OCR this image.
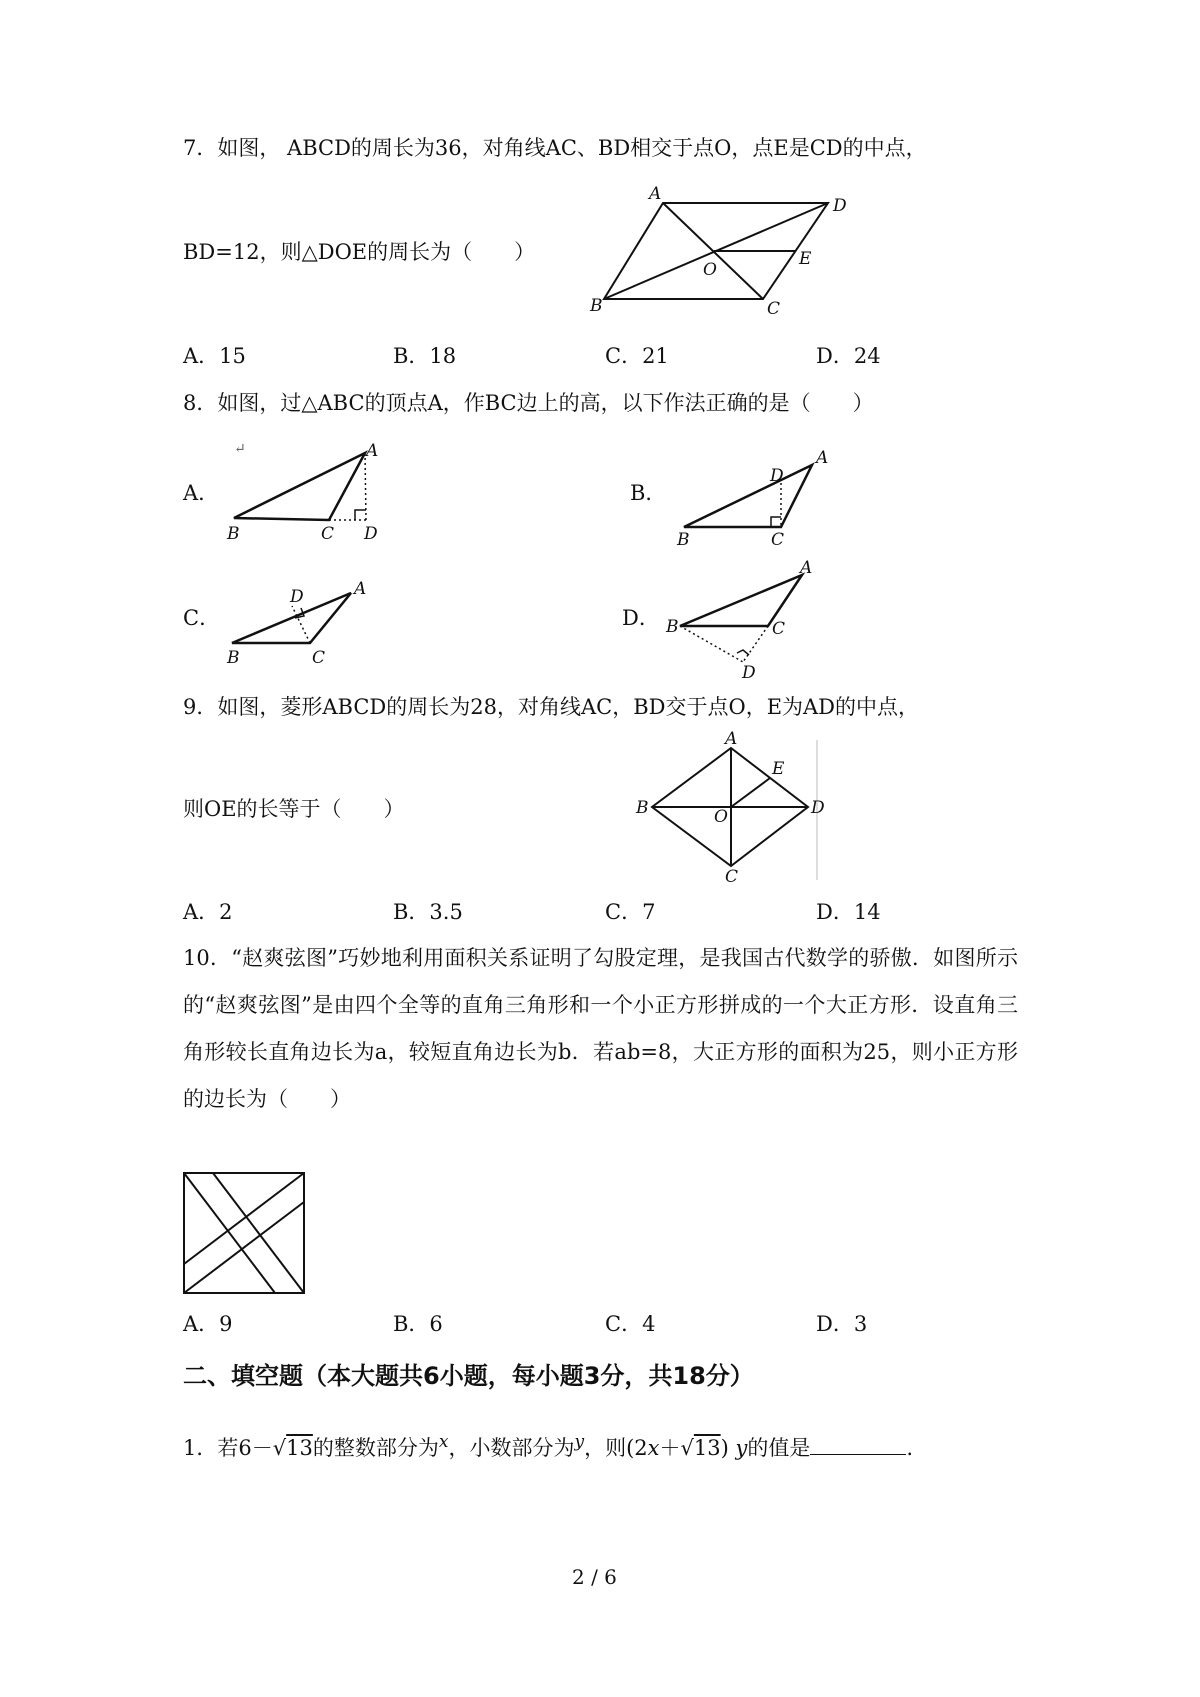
7．如图， ABCD的周长为36，对角线AC、BD相交于点O，点E是CD的中点，
BD=12，则△DOE的周长为（　　）
A
D
B	C
O
E
A．15	B．18	C．21	D．24
8．如图，过△ABC的顶点A，作BC边上的高，以下作法正确的是（　　）
A．
↵
B	C D
A
B．
B	C
D
A
C．
B	C
D	A
D． B	C
D
A
9．如图，菱形ABCD的周长为28，对角线AC，BD交于点O，E为AD的中点，
则OE的长等于（　　）
A
B	D
C
O
E
A．2	B．3.5	C．7	D．14
10．“赵爽弦图”巧妙地利用面积关系证明了勾股定理，是我国古代数学的骄傲．如图所示的“赵爽弦图”是由四个全等的直角三角形和一个小正方形拼成的一个大正方形．设直角三角形较长直角边长为a，较短直角边长为b．若ab=8，大正方形的面积为25，则小正方形的边长为（　　）
A．9	B．6	C．4	D．3
二、填空题（本大题共6小题，每小题3分，共18分）
1．若6－√13的整数部分为$^x$，小数部分为$^y$，则(2x＋√13) y的值是	.
2 / 6
